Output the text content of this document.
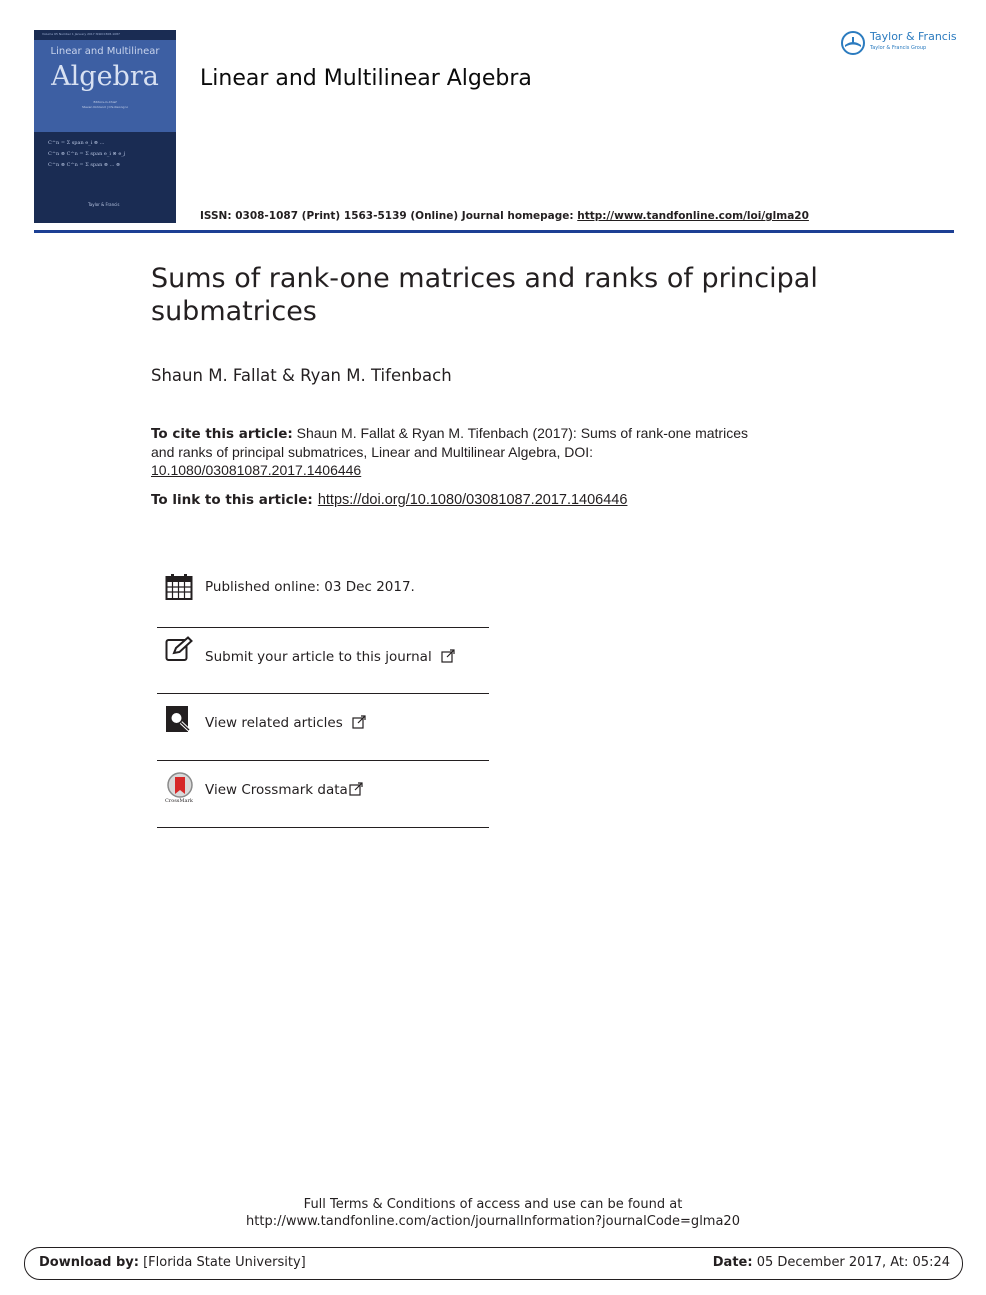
Volume 65 Number 1 January 2017 ISSN 0308-1087
Linear and Multilinear
Algebra
Editors-in-Chief
Steven Kirkland | Chi-Kwong Li
C^n = Σ span e_i ⊗ ...
C^n ⊗ C^n = Σ span e_i ⊗ e_j
C^n ⊗ C^n = Σ span ⊗ ... ⊗
Taylor & Francis
Linear and Multilinear Algebra
Taylor & Francis
Taylor & Francis Group
ISSN: 0308-1087 (Print) 1563-5139 (Online) Journal homepage: http://www.tandfonline.com/loi/glma20
Sums of rank-one matrices and ranks of principal submatrices
Shaun M. Fallat & Ryan M. Tifenbach
To cite this article: Shaun M. Fallat & Ryan M. Tifenbach (2017): Sums of rank-one matrices and ranks of principal submatrices, Linear and Multilinear Algebra, DOI: 10.1080/03081087.2017.1406446
To link to this article: https://doi.org/10.1080/03081087.2017.1406446
Published online: 03 Dec 2017.
Submit your article to this journal
View related articles
CrossMark
View Crossmark data
Full Terms & Conditions of access and use can be found at
http://www.tandfonline.com/action/journalInformation?journalCode=glma20
Download by: [Florida State University]	Date: 05 December 2017, At: 05:24
